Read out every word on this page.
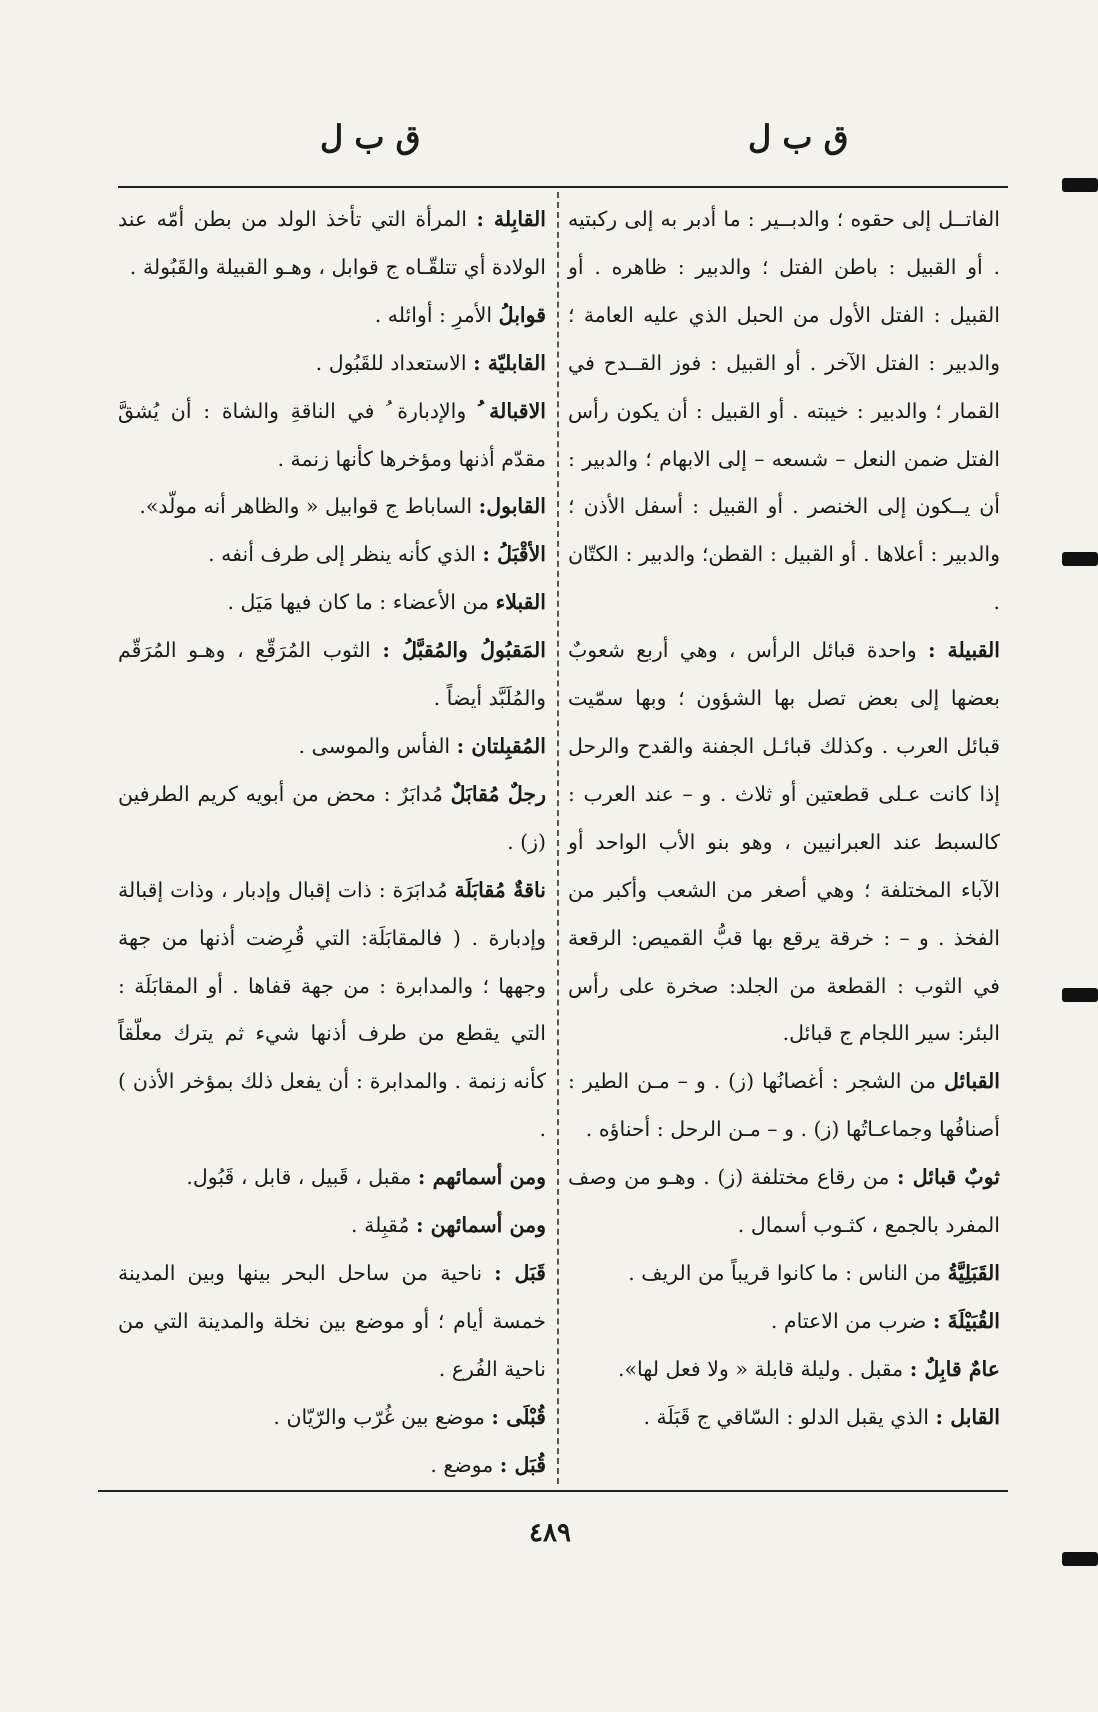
ق ب ل
ق ب ل

الفاتــل إلى حقوه ؛ والدبــير : ما أدبر به إلى ركبتيه . أو القبيل : باطن الفتل ؛ والدبير : ظاهره . أو القبيل : الفتل الأول من الحبل الذي عليه العامة ؛ والدبير : الفتل الآخر . أو القبيل : فوز القــدح في القمار ؛ والدبير : خيبته . أو القبيل : أن يكون رأس الفتل ضمن النعل – شسعه – إلى الابهام ؛ والدبير : أن يــكون إلى الخنصر . أو القبيل : أسفل الأذن ؛ والدبير : أعلاها . أو القبيل : القطن؛ والدبير : الكتّان .

القبيلة : واحدة قبائل الرأس ، وهي أربع شعوبٌ بعضها إلى بعض تصل بها الشؤون ؛ وبها سمّيت قبائل العرب . وكذلك قبائـل الجفنة والقدح والرحل إذا كانت عـلى قطعتين أو ثلاث . و – عند العرب : كالسبط عند العبرانيين ، وهو بنو الأب الواحد أو الآباء المختلفة ؛ وهي أصغر من الشعب وأكبر من الفخذ . و – : خرقة يرقع بها قبُّ القميص: الرقعة في الثوب : القطعة من الجلد: صخرة على رأس البئر: سير اللجام ج قبائل.

القبائل من الشجر : أغصانُها (ز) . و – مـن الطير : أصنافُها وجماعـاتُها (ز) . و – مـن الرحل : أحناؤه .

ثوبٌ قبائل : من رقاع مختلفة (ز) . وهـو من وصف المفرد بالجمع ، كثـوب أسمال .

القَبَلِيَّةُ من الناس : ما كانوا قريباً من الريف .

القُبَيْلَةَ : ضرب من الاعتام .

عامٌ قابِلٌ : مقبل . وليلة قابلة « ولا فعل لها».

القابل : الذي يقبل الدلو : السّاقي ج قَبَلَة .

القابِلة : المرأة التي تأخذ الولد من بطن أمّه عند الولادة أي تتلقّـاه ج قوابل ، وهـو القبيلة والقَبُولة .

قوابلُ الأمرِ : أوائله .

القابليّة : الاستعداد للقَبُول .

الاقبالة ُ والإدبارة ُ في الناقةِ والشاة : أن يُشقَّ مقدّم أذنها ومؤخرها كأنها زنمة .

القابول: الساباط ج قوابيل « والظاهر أنه مولّد».

الأقْبَلُ : الذي كأنه ينظر إلى طرف أنفه .

القبلاء من الأعضاء : ما كان فيها مَيَل .

المَقبُولُ والمُقبَّلُ : الثوب المُرَقّع ، وهـو المُرَقّم والمُلَبَّد أيضاً .

المُقبِلتان : الفأس والموسى .

رجلٌ مُقابَلٌ مُدابَرٌ : محض من أبويه كريم الطرفين (ز) .

ناقةٌ مُقابَلَة مُدابَرَة : ذات إقبال وإدبار ، وذات إقبالة وإدبارة . ( فالمقابَلَة: التي قُرِضت أذنها من جهة وجهها ؛ والمدابرة : من جهة قفاها . أو المقابَلَة : التي يقطع من طرف أذنها شيء ثم يترك معلّقاً كأنه زنمة . والمدابرة : أن يفعل ذلك بمؤخر الأذن ) .

ومن أسمائهم : مقبل ، قَبيل ، قابل ، قَبُول.

ومن أسمائهن : مُقبِلة .

قَبَل : ناحية من ساحل البحر بينها وبين المدينة خمسة أيام ؛ أو موضع بين نخلة والمدينة التي من ناحية الفُرع .

قُبْلَى : موضع بين غُرّب والرّيّان .

قُبَل : موضع .

٤٨٩
